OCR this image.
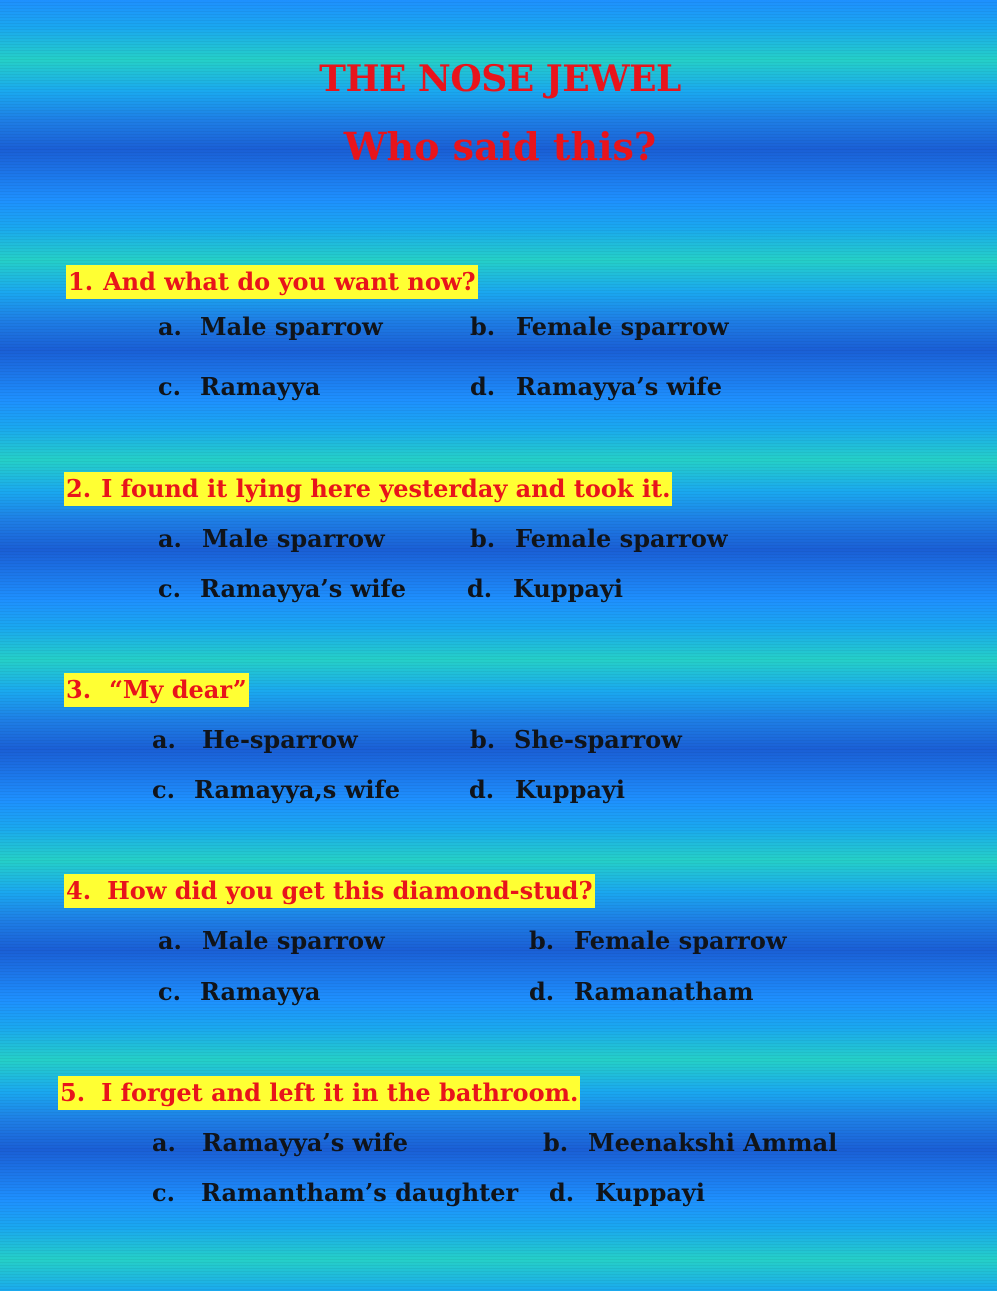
THE NOSE JEWEL
Who said this?
1. And what do you want now?
a. Male sparrow	b. Female sparrow
c. Ramayya	d. Ramayya’s wife
2. I found it lying here yesterday and took it.
a. Male sparrow	b. Female sparrow
c. Ramayya’s wife	d. Kuppayi
3. “My dear”
a. He-sparrow	b. She-sparrow
c. Ramayya,s wife	d. Kuppayi
4. How did you get this diamond-stud?
a. Male sparrow	b. Female sparrow
c. Ramayya	d. Ramanatham
5. I forget and left it in the bathroom.
a. Ramayya’s wife	b. Meenakshi Ammal
c. Ramantham’s daughter d. Kuppayi
